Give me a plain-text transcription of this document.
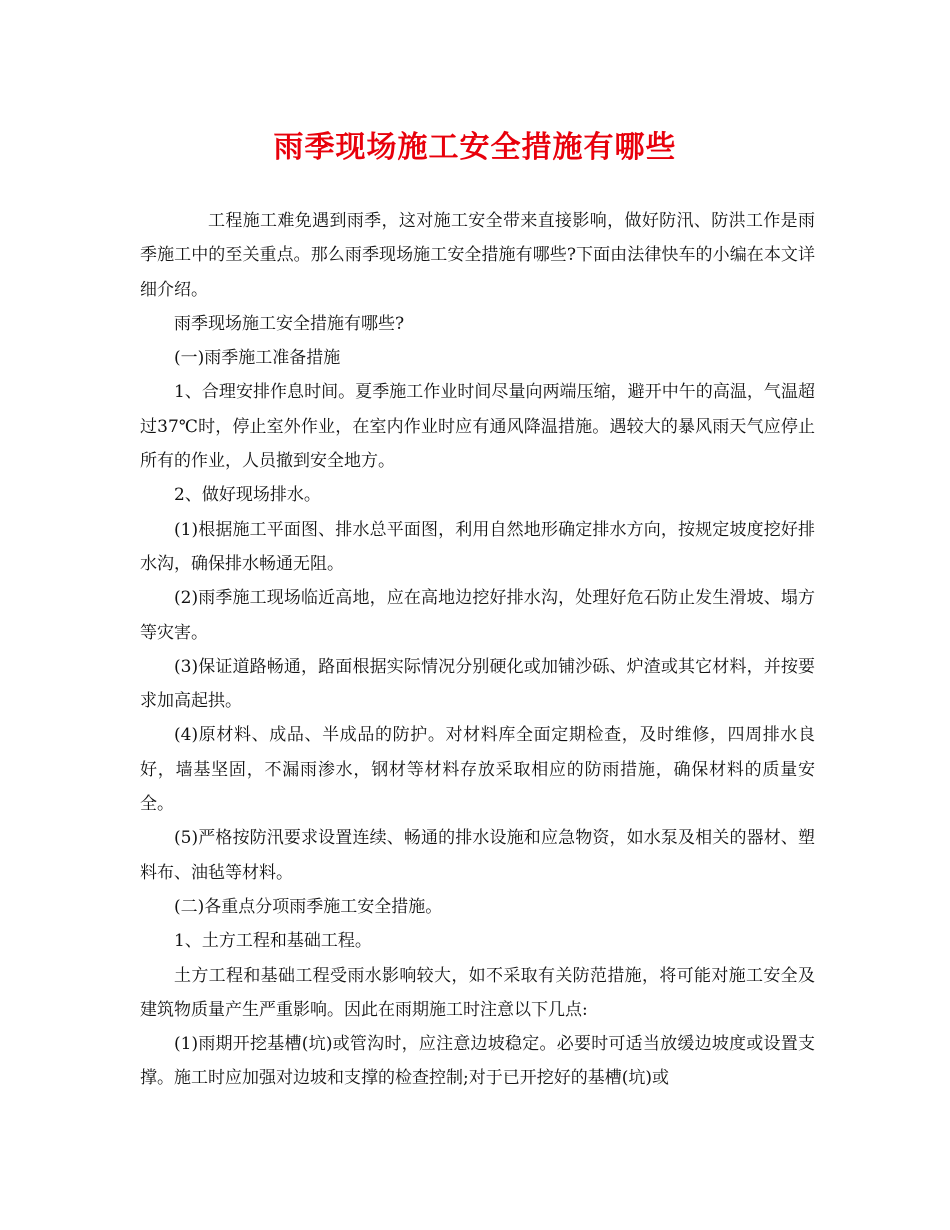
雨季现场施工安全措施有哪些

工程施工难免遇到雨季，这对施工安全带来直接影响，做好防汛、防洪工作是雨季施工中的至关重点。那么雨季现场施工安全措施有哪些?下面由法律快车的小编在本文详细介绍。

雨季现场施工安全措施有哪些?

(一)雨季施工准备措施

1、合理安排作息时间。夏季施工作业时间尽量向两端压缩，避开中午的高温，气温超过37℃时，停止室外作业，在室内作业时应有通风降温措施。遇较大的暴风雨天气应停止所有的作业，人员撤到安全地方。

2、做好现场排水。

(1)根据施工平面图、排水总平面图，利用自然地形确定排水方向，按规定坡度挖好排水沟，确保排水畅通无阻。

(2)雨季施工现场临近高地，应在高地边挖好排水沟，处理好危石防止发生滑坡、塌方等灾害。

(3)保证道路畅通，路面根据实际情况分别硬化或加铺沙砾、炉渣或其它材料，并按要求加高起拱。

(4)原材料、成品、半成品的防护。对材料库全面定期检查，及时维修，四周排水良好，墙基坚固，不漏雨渗水，钢材等材料存放采取相应的防雨措施，确保材料的质量安全。

(5)严格按防汛要求设置连续、畅通的排水设施和应急物资，如水泵及相关的器材、塑料布、油毡等材料。

(二)各重点分项雨季施工安全措施。

1、土方工程和基础工程。

土方工程和基础工程受雨水影响较大，如不采取有关防范措施，将可能对施工安全及建筑物质量产生严重影响。因此在雨期施工时注意以下几点:

(1)雨期开挖基槽(坑)或管沟时，应注意边坡稳定。必要时可适当放缓边坡度或设置支撑。施工时应加强对边坡和支撑的检查控制;对于已开挖好的基槽(坑)或
